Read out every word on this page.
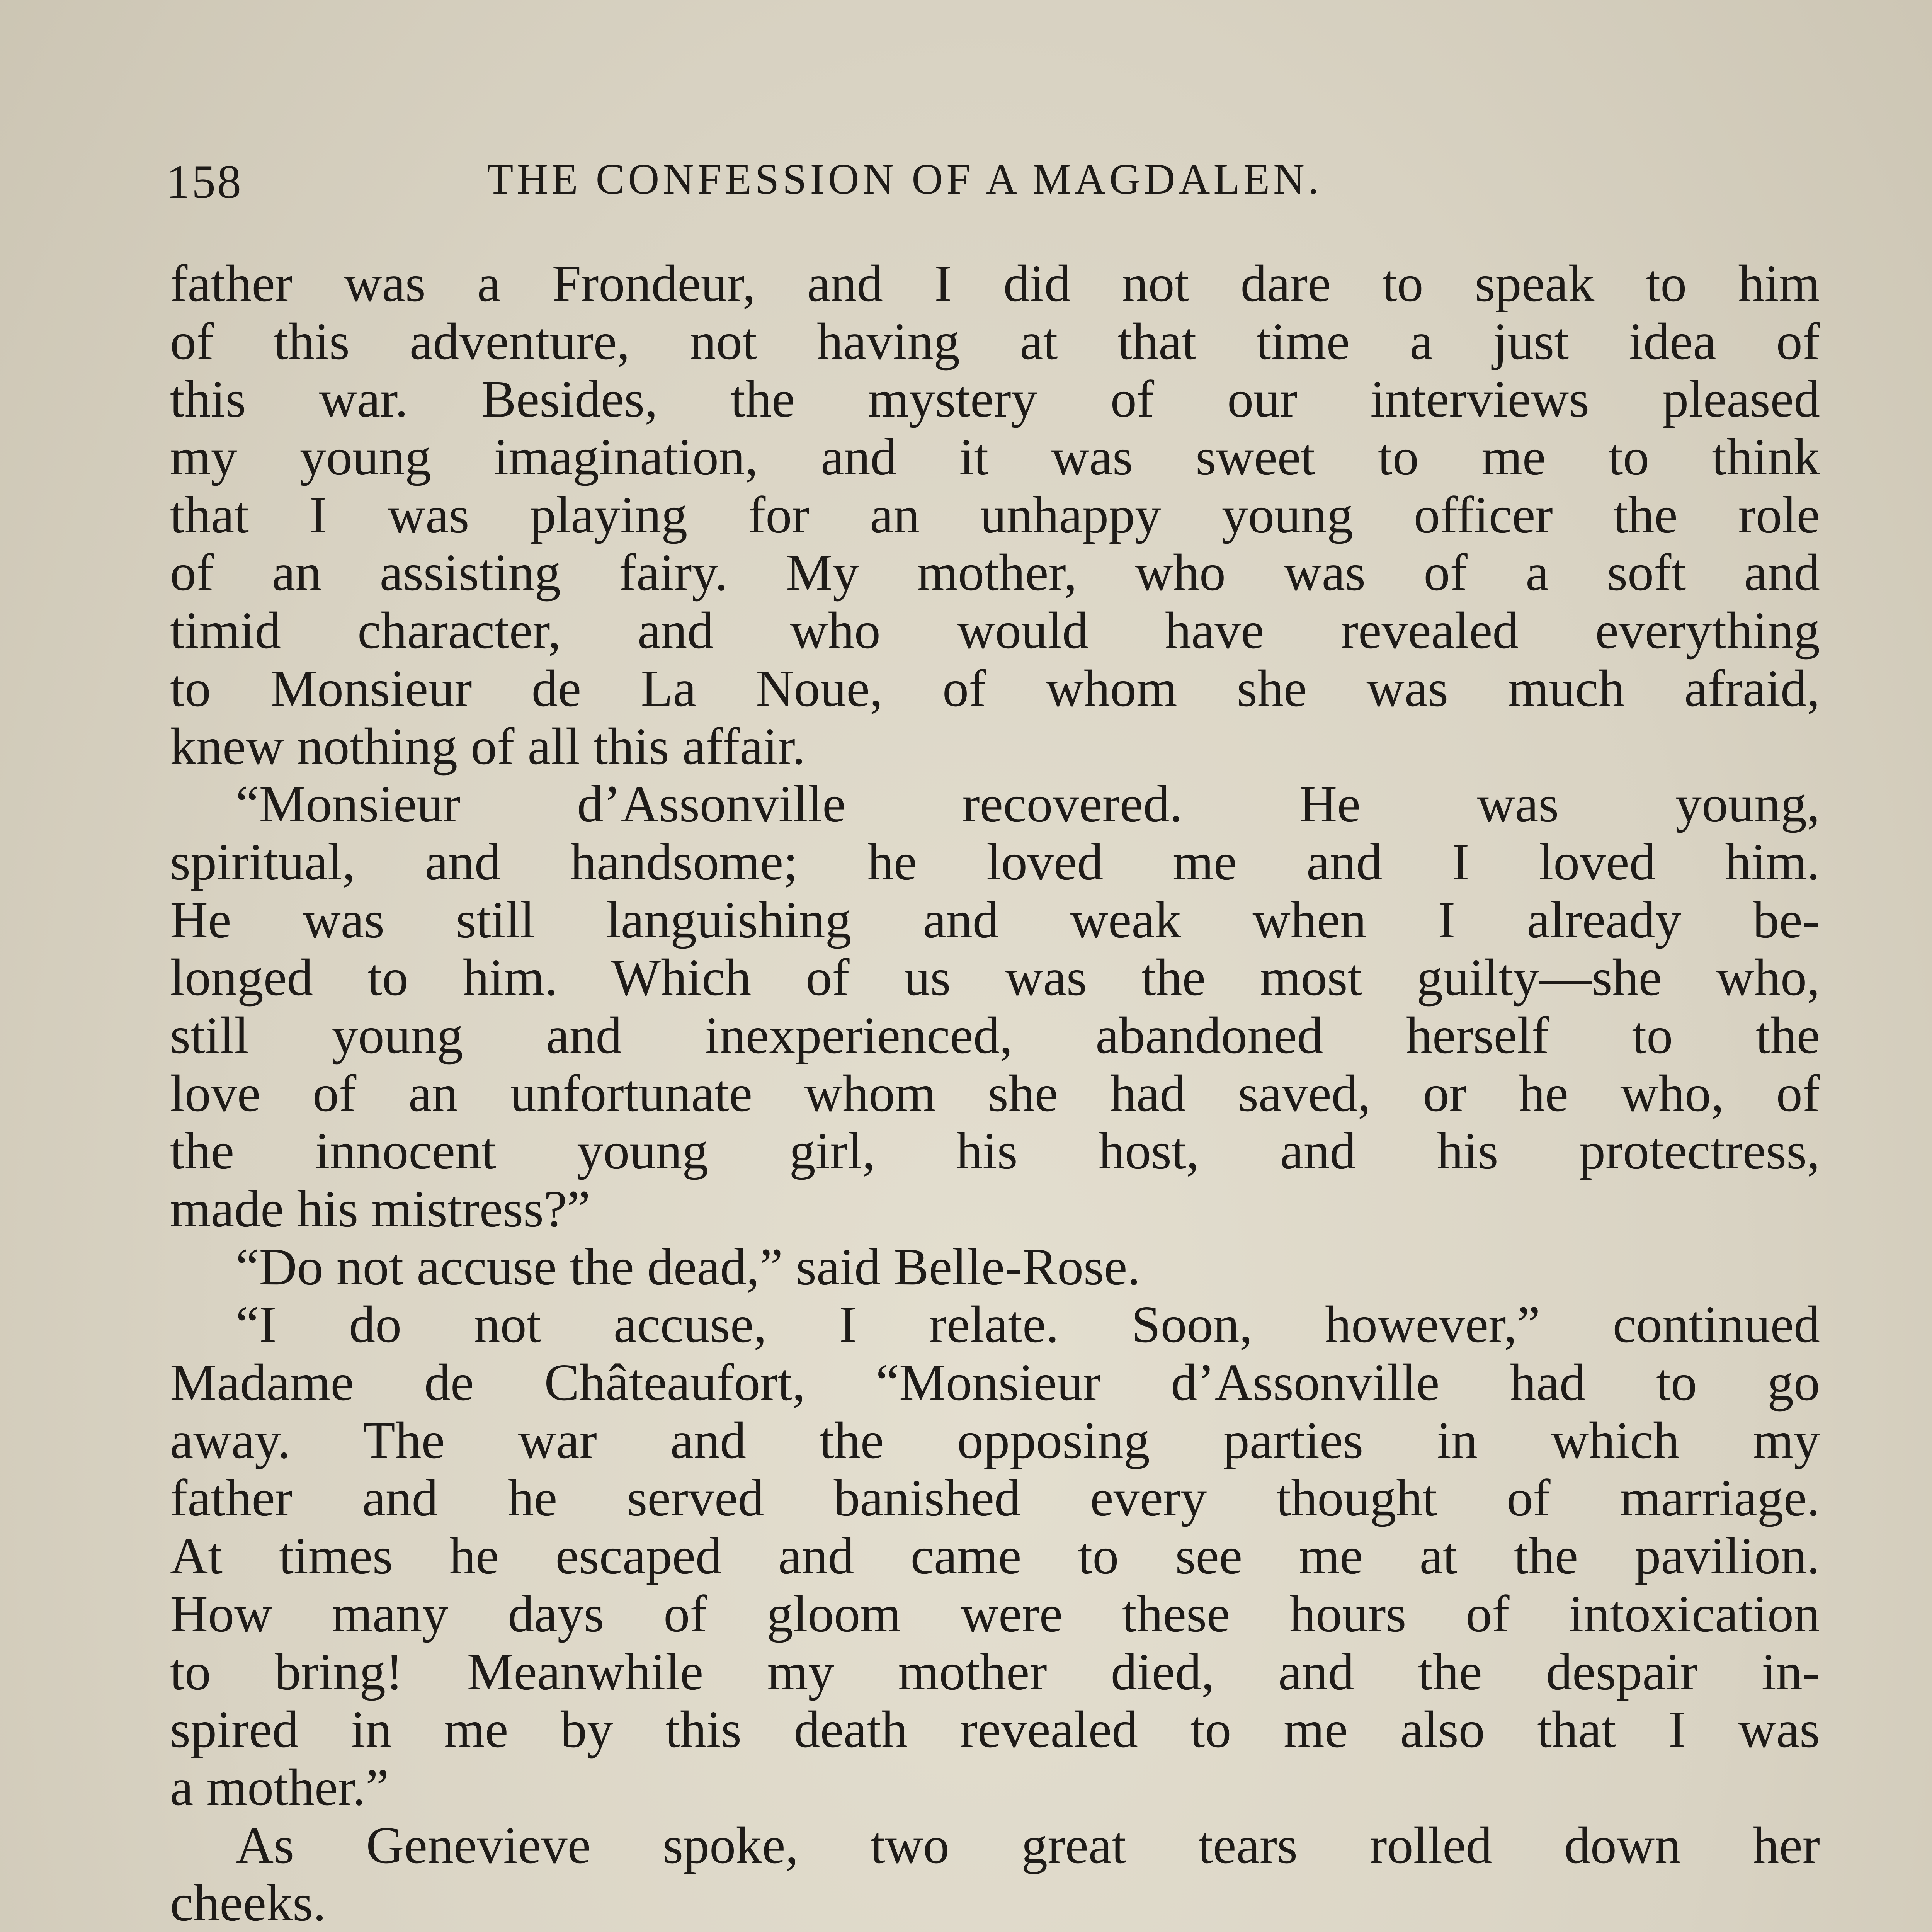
158	THE CONFESSION OF A MAGDALEN.
father was a Frondeur, and I did not dare to speak to him
of this adventure, not having at that time a just idea of
this war. Besides, the mystery of our interviews pleased
my young imagination, and it was sweet to me to think
that I was playing for an unhappy young officer the role
of an assisting fairy. My mother, who was of a soft and
timid character, and who would have revealed everything
to Monsieur de La Noue, of whom she was much afraid,
knew nothing of all this affair.
“Monsieur d’Assonville recovered. He was young,
spiritual, and handsome; he loved me and I loved him.
He was still languishing and weak when I already be-
longed to him. Which of us was the most guilty—she who,
still young and inexperienced, abandoned herself to the
love of an unfortunate whom she had saved, or he who, of
the innocent young girl, his host, and his protectress,
made his mistress?”
“Do not accuse the dead,” said Belle-Rose.
“I do not accuse, I relate. Soon, however,” continued
Madame de Châteaufort, “Monsieur d’Assonville had to go
away. The war and the opposing parties in which my
father and he served banished every thought of marriage.
At times he escaped and came to see me at the pavilion.
How many days of gloom were these hours of intoxication
to bring! Meanwhile my mother died, and the despair in-
spired in me by this death revealed to me also that I was
a mother.”
As Genevieve spoke, two great tears rolled down her
cheeks.
